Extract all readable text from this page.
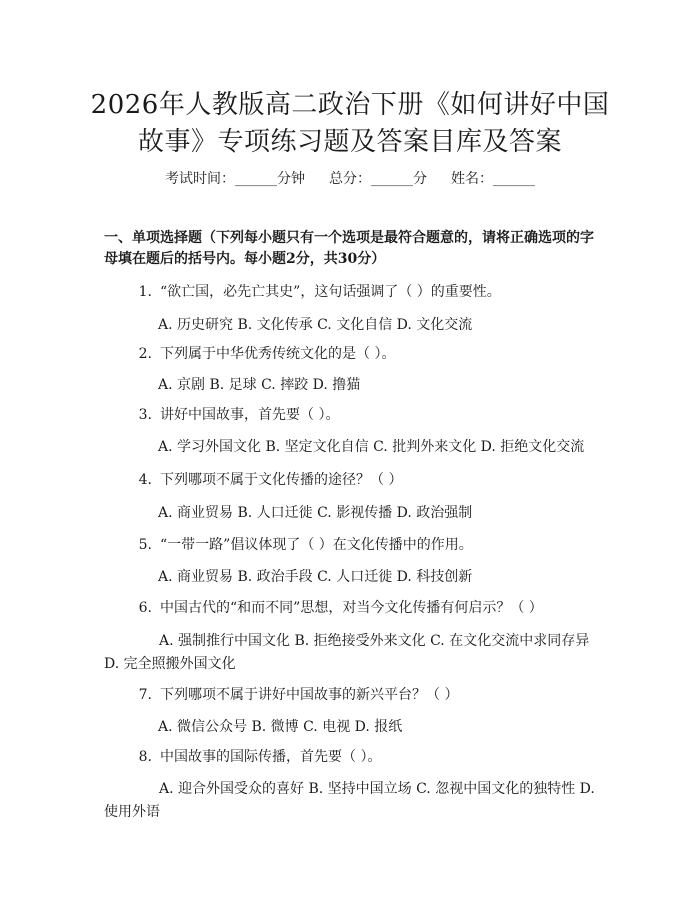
2026年人教版高二政治下册《如何讲好中国
故事》专项练习题及答案目库及答案
考试时间：______分钟 总分：______分 姓名：______
一、单项选择题（下列每小题只有一个选项是最符合题意的，请将正确选项的字母填在题后的括号内。每小题2分，共30分）
1. “欲亡国，必先亡其史”，这句话强调了（ ）的重要性。
A. 历史研究 B. 文化传承 C. 文化自信 D. 文化交流
2. 下列属于中华优秀传统文化的是（ ）。
A. 京剧 B. 足球 C. 摔跤 D. 撸猫
3. 讲好中国故事，首先要（ ）。
A. 学习外国文化 B. 坚定文化自信 C. 批判外来文化 D. 拒绝文化交流
4. 下列哪项不属于文化传播的途径？（ ）
A. 商业贸易 B. 人口迁徙 C. 影视传播 D. 政治强制
5. “一带一路”倡议体现了（ ）在文化传播中的作用。
A. 商业贸易 B. 政治手段 C. 人口迁徙 D. 科技创新
6. 中国古代的“和而不同”思想，对当今文化传播有何启示？（ ）
A. 强制推行中国文化 B. 拒绝接受外来文化 C. 在文化交流中求同存异 D. 完全照搬外国文化
7. 下列哪项不属于讲好中国故事的新兴平台？（ ）
A. 微信公众号 B. 微博 C. 电视 D. 报纸
8. 中国故事的国际传播，首先要（ ）。
A. 迎合外国受众的喜好 B. 坚持中国立场 C. 忽视中国文化的独特性 D. 使用外语
